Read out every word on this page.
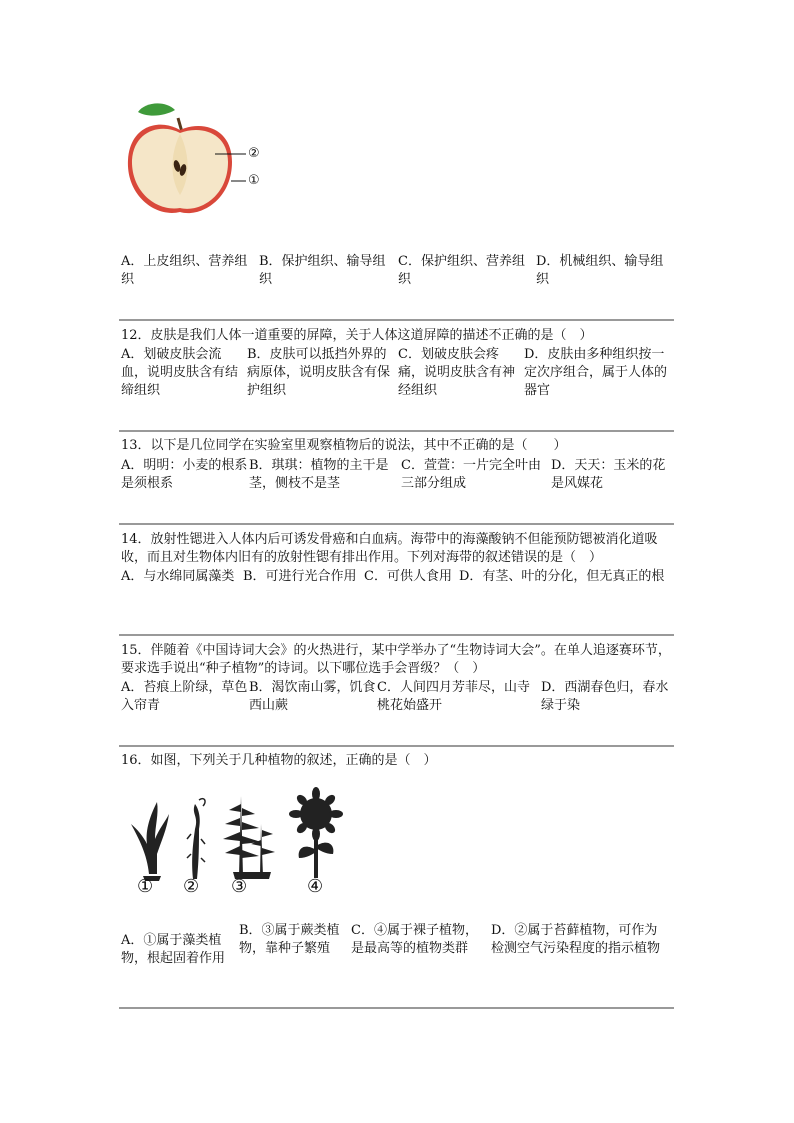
②
①
A．上皮组织、营养组织
B．保护组织、输导组织
C．保护组织、营养组织
D．机械组织、输导组织
12．皮肤是我们人体一道重要的屏障，关于人体这道屏障的描述不正确的是（　）
A．划破皮肤会流血，说明皮肤含有结缔组织
B．皮肤可以抵挡外界的病原体，说明皮肤含有保护组织
C．划破皮肤会疼痛，说明皮肤含有神经组织
D．皮肤由多种组织按一定次序组合，属于人体的器官
13．以下是几位同学在实验室里观察植物后的说法，其中不正确的是（　　）
A．明明：小麦的根系是须根系
B．琪琪：植物的主干是茎，侧枝不是茎
C．萱萱：一片完全叶由三部分组成
D．天天：玉米的花是风媒花
14．放射性锶进入人体内后可诱发骨癌和白血病。海带中的海藻酸钠不但能预防锶被消化道吸收，而且对生物体内旧有的放射性锶有排出作用。下列对海带的叙述错误的是（　）
A．与水绵同属藻类 B．可进行光合作用 C．可供人食用 D．有茎、叶的分化，但无真正的根
15．伴随着《中国诗词大会》的火热进行，某中学举办了“生物诗词大会”。在单人追逐赛环节，要求选手说出“种子植物”的诗词。以下哪位选手会晋级？（　）
A．苔痕上阶绿，草色入帘青
B．渴饮南山雾，饥食西山蕨
C．人间四月芳菲尽，山寺桃花始盛开
D．西湖春色归，春水绿于染
16．如图，下列关于几种植物的叙述，正确的是（　）
① ② ③	④
A．①属于藻类植物，根起固着作用
B．③属于蕨类植物，靠种子繁殖
C．④属于裸子植物，是最高等的植物类群
D．②属于苔藓植物，可作为检测空气污染程度的指示植物
